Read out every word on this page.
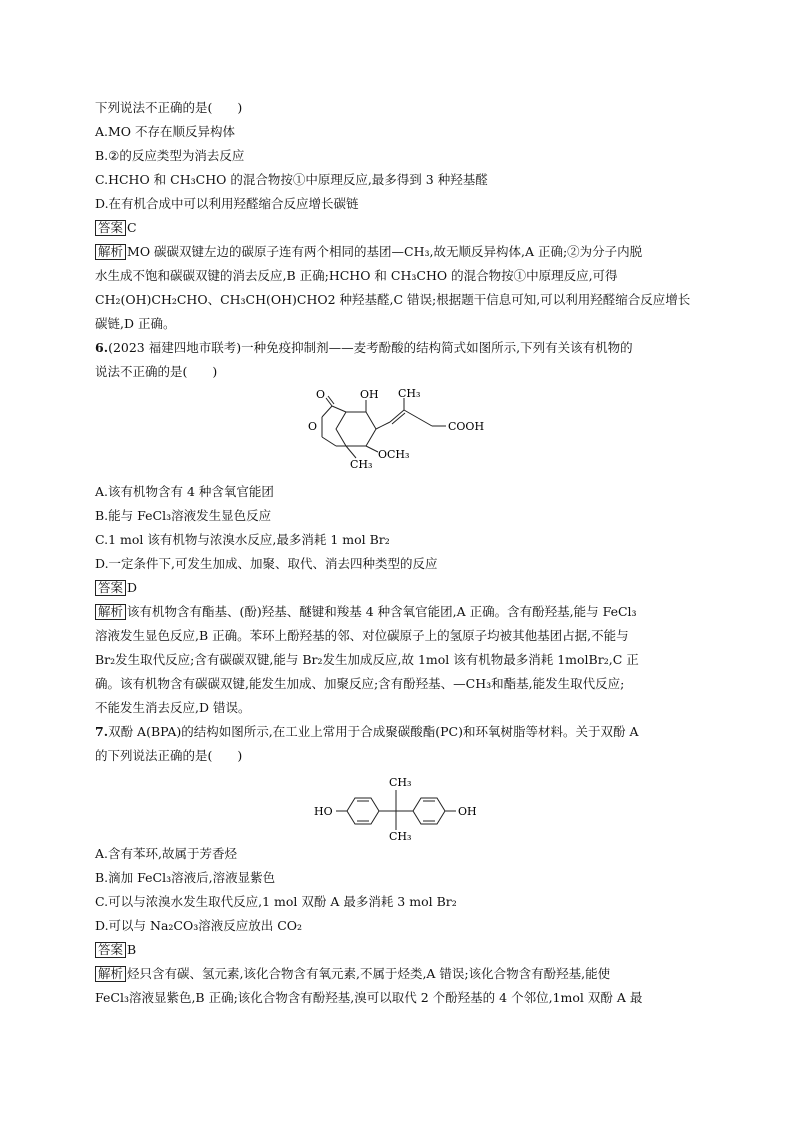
下列说法不正确的是(　　)
A.MO 不存在顺反异构体
B.②的反应类型为消去反应
C.HCHO 和 CH₃CHO 的混合物按①中原理反应,最多得到 3 种羟基醛
D.在有机合成中可以利用羟醛缩合反应增长碳链
答案 C
解析 MO 碳碳双键左边的碳原子连有两个相同的基团—CH₃,故无顺反异构体,A 正确;②为分子内脱
水生成不饱和碳碳双键的消去反应,B 正确;HCHO 和 CH₃CHO 的混合物按①中原理反应,可得
CH₂(OH)CH₂CHO、CH₃CH(OH)CHO2 种羟基醛,C 错误;根据题干信息可知,可以利用羟醛缩合反应增长
碳链,D 正确。
6.(2023 福建四地市联考)一种免疫抑制剂——麦考酚酸的结构简式如图所示,下列有关该有机物的
说法不正确的是(　　)
O
O
OH CH₃
COOH
OCH₃
CH₃
A.该有机物含有 4 种含氧官能团
B.能与 FeCl₃溶液发生显色反应
C.1 mol 该有机物与浓溴水反应,最多消耗 1 mol Br₂
D.一定条件下,可发生加成、加聚、取代、消去四种类型的反应
答案 D
解析 该有机物含有酯基、(酚)羟基、醚键和羧基 4 种含氧官能团,A 正确。含有酚羟基,能与 FeCl₃
溶液发生显色反应,B 正确。苯环上酚羟基的邻、对位碳原子上的氢原子均被其他基团占据,不能与
Br₂发生取代反应;含有碳碳双键,能与 Br₂发生加成反应,故 1mol 该有机物最多消耗 1molBr₂,C 正
确。该有机物含有碳碳双键,能发生加成、加聚反应;含有酚羟基、—CH₃和酯基,能发生取代反应;
不能发生消去反应,D 错误。
7.双酚 A(BPA)的结构如图所示,在工业上常用于合成聚碳酸酯(PC)和环氧树脂等材料。关于双酚 A
的下列说法正确的是(　　)
HO	OH
CH₃
CH₃
A.含有苯环,故属于芳香烃
B.滴加 FeCl₃溶液后,溶液显紫色
C.可以与浓溴水发生取代反应,1 mol 双酚 A 最多消耗 3 mol Br₂
D.可以与 Na₂CO₃溶液反应放出 CO₂
答案 B
解析 烃只含有碳、氢元素,该化合物含有氧元素,不属于烃类,A 错误;该化合物含有酚羟基,能使
FeCl₃溶液显紫色,B 正确;该化合物含有酚羟基,溴可以取代 2 个酚羟基的 4 个邻位,1mol 双酚 A 最
